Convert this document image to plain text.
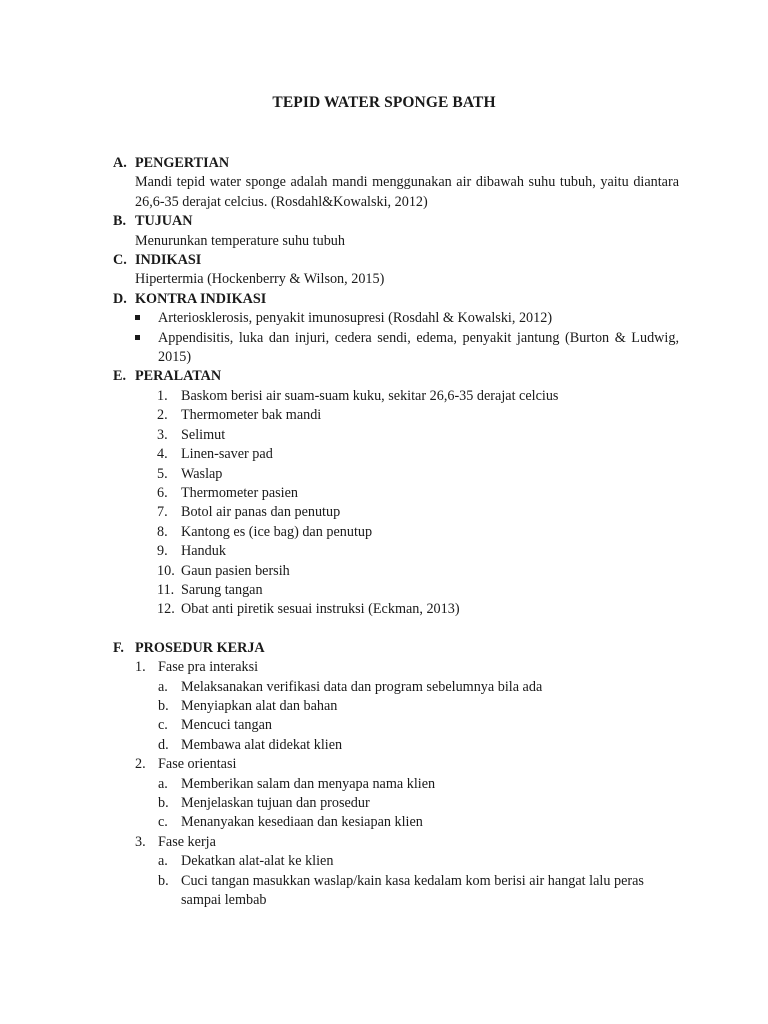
TEPID WATER SPONGE BATH
A. PENGERTIAN
Mandi tepid water sponge adalah mandi menggunakan air dibawah suhu tubuh, yaitu diantara 26,6-35 derajat celcius. (Rosdahl&Kowalski, 2012)
B. TUJUAN
Menurunkan temperature suhu tubuh
C. INDIKASI
Hipertermia (Hockenberry & Wilson, 2015)
D. KONTRA INDIKASI
Arteriosklerosis, penyakit imunosupresi (Rosdahl & Kowalski, 2012)
Appendisitis, luka dan injuri, cedera sendi, edema, penyakit jantung (Burton & Ludwig, 2015)
E. PERALATAN
1. Baskom berisi air suam-suam kuku, sekitar 26,6-35 derajat celcius
2. Thermometer bak mandi
3. Selimut
4. Linen-saver pad
5. Waslap
6. Thermometer pasien
7. Botol air panas dan penutup
8. Kantong es (ice bag) dan penutup
9. Handuk
10. Gaun pasien bersih
11. Sarung tangan
12. Obat anti piretik sesuai instruksi (Eckman, 2013)
F. PROSEDUR KERJA
1. Fase pra interaksi
a. Melaksanakan verifikasi data dan program sebelumnya bila ada
b. Menyiapkan alat dan bahan
c. Mencuci tangan
d. Membawa alat didekat klien
2. Fase orientasi
a. Memberikan salam dan menyapa nama klien
b. Menjelaskan tujuan dan prosedur
c. Menanyakan kesediaan dan kesiapan klien
3. Fase kerja
a. Dekatkan alat-alat ke klien
b. Cuci tangan masukkan waslap/kain kasa kedalam kom berisi air hangat lalu peras sampai lembab
